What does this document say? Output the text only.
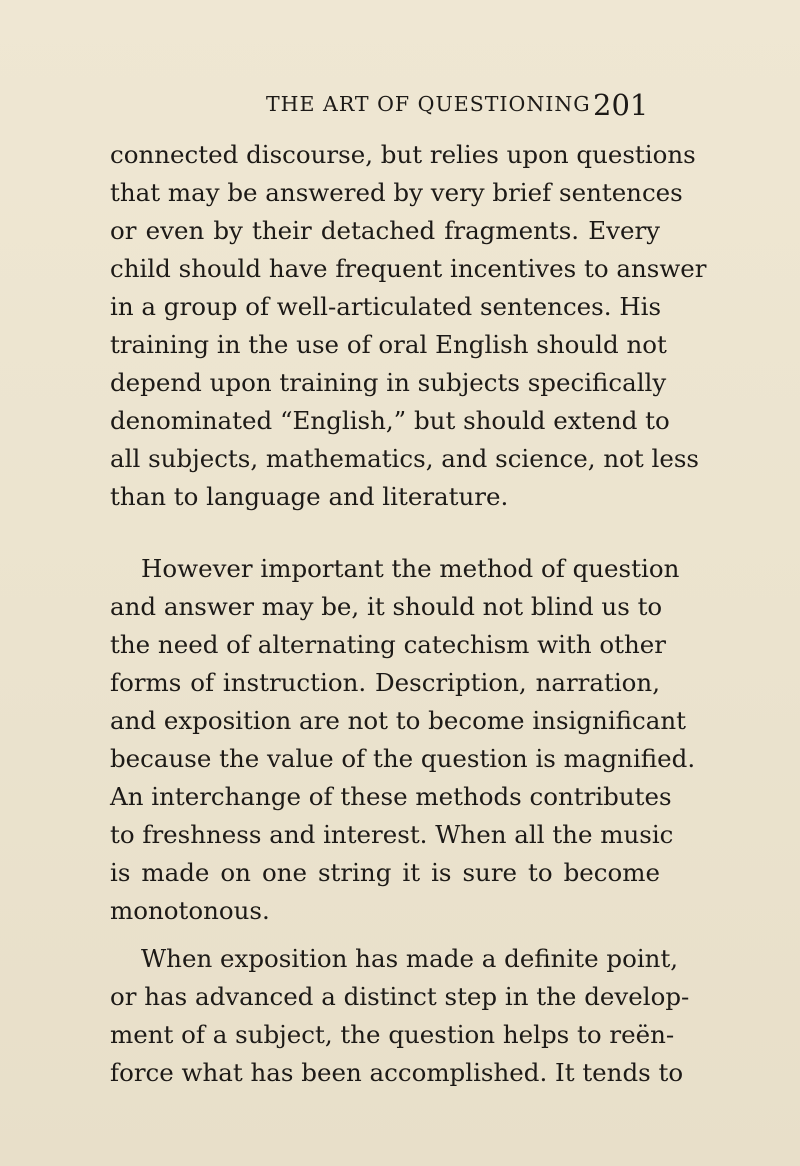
THE ART OF QUESTIONING 201
connected discourse, but relies upon questions
that may be answered by very brief sentences
or even by their detached fragments. Every
child should have frequent incentives to answer
in a group of well-articulated sentences. His
training in the use of oral English should not
depend upon training in subjects specifically
denominated “English,” but should extend to
all subjects, mathematics, and science, not less
than to language and literature.
However important the method of question
and answer may be, it should not blind us to
the need of alternating catechism with other
forms of instruction. Description, narration,
and exposition are not to become insignificant
because the value of the question is magnified.
An interchange of these methods contributes
to freshness and interest. When all the music
is made on one string it is sure to become
monotonous.
When exposition has made a definite point,
or has advanced a distinct step in the develop-
ment of a subject, the question helps to reën-
force what has been accomplished. It tends to
